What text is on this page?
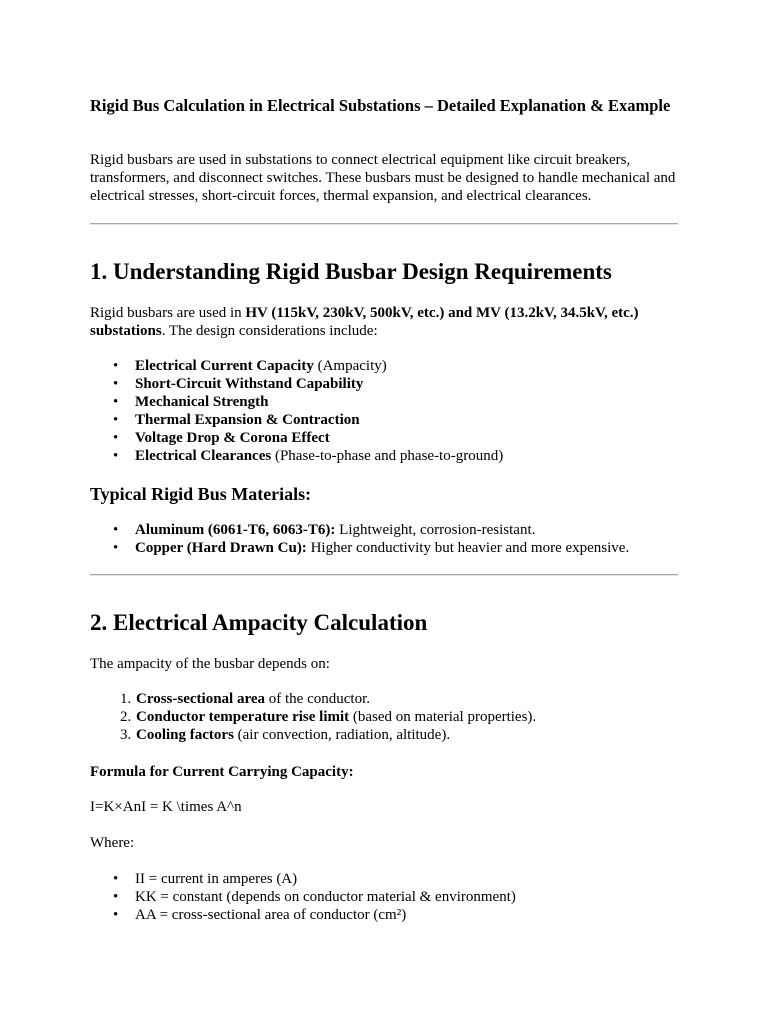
Rigid Bus Calculation in Electrical Substations – Detailed Explanation & Example

Rigid busbars are used in substations to connect electrical equipment like circuit breakers, transformers, and disconnect switches. These busbars must be designed to handle mechanical and electrical stresses, short-circuit forces, thermal expansion, and electrical clearances.

1. Understanding Rigid Busbar Design Requirements

Rigid busbars are used in HV (115kV, 230kV, 500kV, etc.) and MV (13.2kV, 34.5kV, etc.) substations. The design considerations include:

• Electrical Current Capacity (Ampacity)
• Short-Circuit Withstand Capability
• Mechanical Strength
• Thermal Expansion & Contraction
• Voltage Drop & Corona Effect
• Electrical Clearances (Phase-to-phase and phase-to-ground)
Typical Rigid Bus Materials:
• Aluminum (6061-T6, 6063-T6): Lightweight, corrosion-resistant.
• Copper (Hard Drawn Cu): Higher conductivity but heavier and more expensive.
2. Electrical Ampacity Calculation

The ampacity of the busbar depends on:

1. Cross-sectional area of the conductor.
2. Conductor temperature rise limit (based on material properties).
3. Cooling factors (air convection, radiation, altitude).

Formula for Current Carrying Capacity:

I=K×AnI = K \times A^n

Where:

• II = current in amperes (A)
• KK = constant (depends on conductor material & environment)
• AA = cross-sectional area of conductor (cm²)
